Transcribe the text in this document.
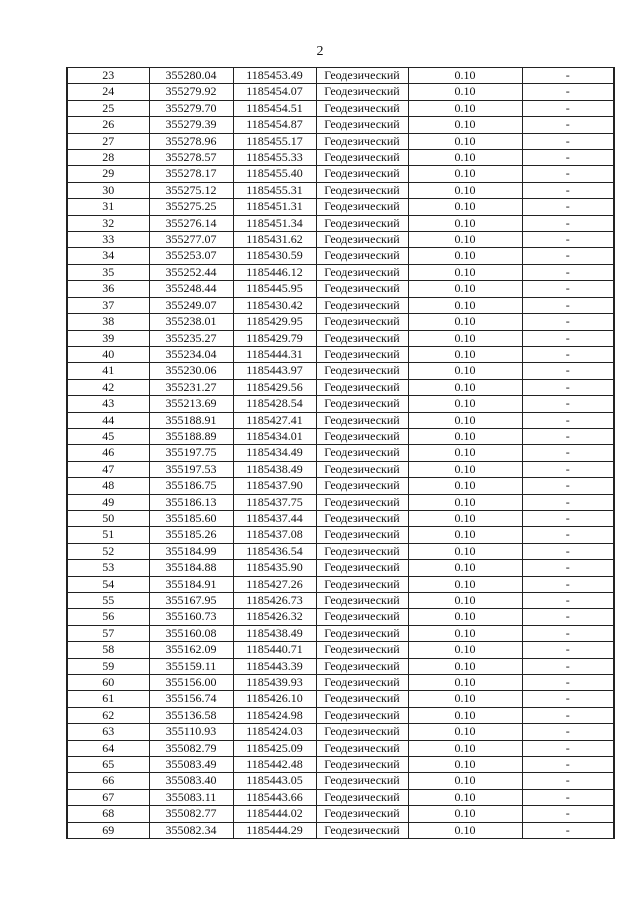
2
23	355280.04	1185453.49	Геодезический	0.10	-
24	355279.92	1185454.07	Геодезический	0.10	-
25	355279.70	1185454.51	Геодезический	0.10	-
26	355279.39	1185454.87	Геодезический	0.10	-
27	355278.96	1185455.17	Геодезический	0.10	-
28	355278.57	1185455.33	Геодезический	0.10	-
29	355278.17	1185455.40	Геодезический	0.10	-
30	355275.12	1185455.31	Геодезический	0.10	-
31	355275.25	1185451.31	Геодезический	0.10	-
32	355276.14	1185451.34	Геодезический	0.10	-
33	355277.07	1185431.62	Геодезический	0.10	-
34	355253.07	1185430.59	Геодезический	0.10	-
35	355252.44	1185446.12	Геодезический	0.10	-
36	355248.44	1185445.95	Геодезический	0.10	-
37	355249.07	1185430.42	Геодезический	0.10	-
38	355238.01	1185429.95	Геодезический	0.10	-
39	355235.27	1185429.79	Геодезический	0.10	-
40	355234.04	1185444.31	Геодезический	0.10	-
41	355230.06	1185443.97	Геодезический	0.10	-
42	355231.27	1185429.56	Геодезический	0.10	-
43	355213.69	1185428.54	Геодезический	0.10	-
44	355188.91	1185427.41	Геодезический	0.10	-
45	355188.89	1185434.01	Геодезический	0.10	-
46	355197.75	1185434.49	Геодезический	0.10	-
47	355197.53	1185438.49	Геодезический	0.10	-
48	355186.75	1185437.90	Геодезический	0.10	-
49	355186.13	1185437.75	Геодезический	0.10	-
50	355185.60	1185437.44	Геодезический	0.10	-
51	355185.26	1185437.08	Геодезический	0.10	-
52	355184.99	1185436.54	Геодезический	0.10	-
53	355184.88	1185435.90	Геодезический	0.10	-
54	355184.91	1185427.26	Геодезический	0.10	-
55	355167.95	1185426.73	Геодезический	0.10	-
56	355160.73	1185426.32	Геодезический	0.10	-
57	355160.08	1185438.49	Геодезический	0.10	-
58	355162.09	1185440.71	Геодезический	0.10	-
59	355159.11	1185443.39	Геодезический	0.10	-
60	355156.00	1185439.93	Геодезический	0.10	-
61	355156.74	1185426.10	Геодезический	0.10	-
62	355136.58	1185424.98	Геодезический	0.10	-
63	355110.93	1185424.03	Геодезический	0.10	-
64	355082.79	1185425.09	Геодезический	0.10	-
65	355083.49	1185442.48	Геодезический	0.10	-
66	355083.40	1185443.05	Геодезический	0.10	-
67	355083.11	1185443.66	Геодезический	0.10	-
68	355082.77	1185444.02	Геодезический	0.10	-
69	355082.34	1185444.29	Геодезический	0.10	-
